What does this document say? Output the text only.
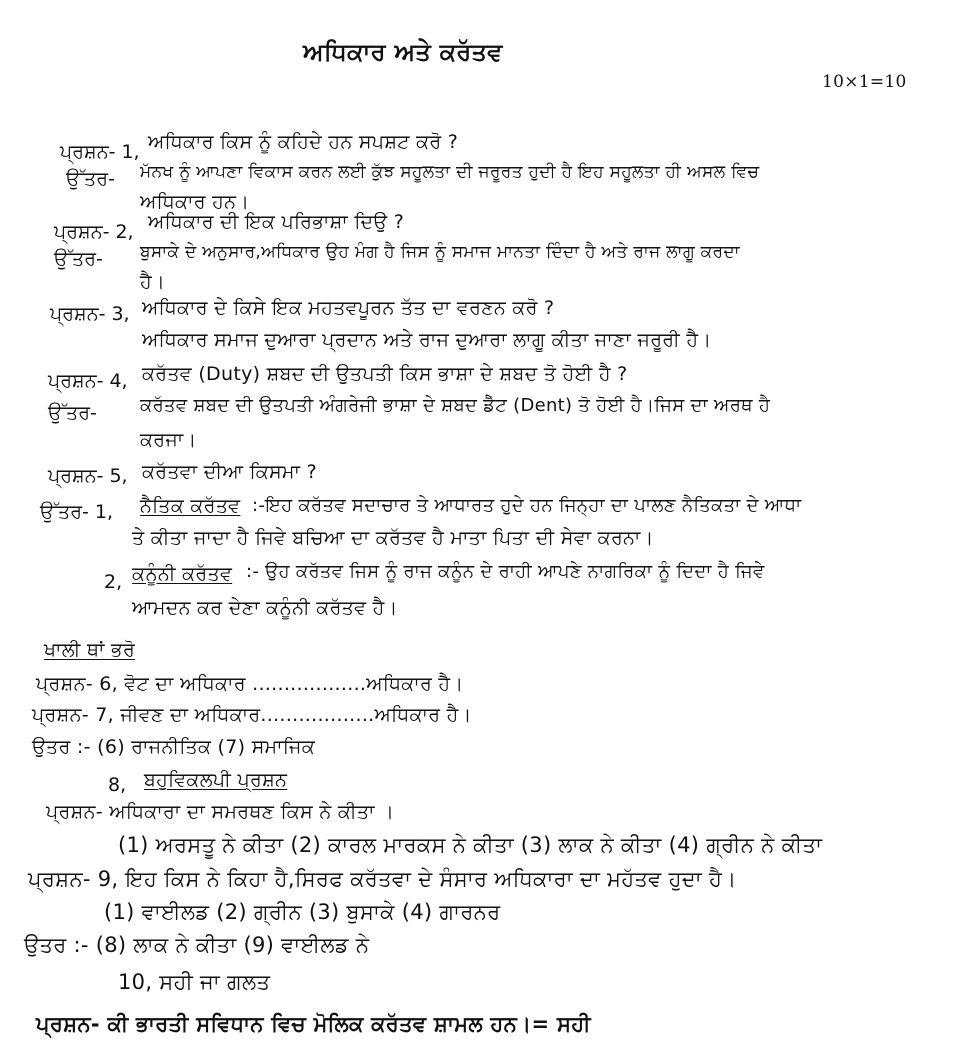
ਅਧਿਕਾਰ ਅਤੇ ਕਰੱਤਵ
10×1=10
ਪ੍ਰਸ਼ਨ- 1, ਅਧਿਕਾਰ ਕਿਸ ਨੂੰ ਕਹਿਦੇ ਹਨ ਸਪਸ਼ਟ ਕਰੋ ?
ਉੱਤਰ- ਮੱਨਖ ਨੂੰ ਆਪਣਾ ਵਿਕਾਸ ਕਰਨ ਲਈ ਕੁੱਝ ਸਹੂਲਤਾ ਦੀ ਜਰੂਰਤ ਹੁਦੀ ਹੈ ਇਹ ਸਹੂਲਤਾ ਹੀ ਅਸਲ ਵਿਚ
ਅਧਿਕਾਰ ਹਨ।
ਪ੍ਰਸ਼ਨ- 2, ਅਧਿਕਾਰ ਦੀ ਇਕ ਪਰਿਭਾਸ਼ਾ ਦਿਉ ?
ਉੱਤਰ- ਬੁਸਾਕੇ ਦੇ ਅਨੁਸਾਰ,ਅਧਿਕਾਰ ਉਹ ਮੰਗ ਹੈ ਜਿਸ ਨੂੰ ਸਮਾਜ ਮਾਨਤਾ ਦਿੰਦਾ ਹੈ ਅਤੇ ਰਾਜ ਲਾਗੂ ਕਰਦਾ
ਹੈ।
ਪ੍ਰਸ਼ਨ- 3, ਅਧਿਕਾਰ ਦੇ ਕਿਸੇ ਇਕ ਮਹਤਵਪੂਰਨ ਤੱਤ ਦਾ ਵਰਣਨ ਕਰੋ ?
ਅਧਿਕਾਰ ਸਮਾਜ ਦੁਆਰਾ ਪ੍ਰਦਾਨ ਅਤੇ ਰਾਜ ਦੁਆਰਾ ਲਾਗੂ ਕੀਤਾ ਜਾਣਾ ਜਰੂਰੀ ਹੈ।
ਪ੍ਰਸ਼ਨ- 4, ਕਰੱਤਵ (Duty) ਸ਼ਬਦ ਦੀ ਉਤਪਤੀ ਕਿਸ ਭਾਸ਼ਾ ਦੇ ਸ਼ਬਦ ਤੋ ਹੋਈ ਹੈ ?
ਉੱਤਰ- ਕਰੱਤਵ ਸ਼ਬਦ ਦੀ ਉਤਪਤੀ ਅੰਗਰੇਜੀ ਭਾਸ਼ਾ ਦੇ ਸ਼ਬਦ ਡੈੱਟ (Dent) ਤੋ ਹੋਈ ਹੈ।ਜਿਸ ਦਾ ਅਰਥ ਹੈ
ਕਰਜਾ।
ਪ੍ਰਸ਼ਨ- 5, ਕਰੱਤਵਾ ਦੀਆ ਕਿਸਮਾ ?
ਉੱਤਰ- 1, ਨੈਤਿਕ ਕਰੱਤਵ :-ਇਹ ਕਰੱਤਵ ਸਦਾਚਾਰ ਤੇ ਆਧਾਰਤ ਹੁਦੇ ਹਨ ਜਿਨ੍ਹਾ ਦਾ ਪਾਲਣ ਨੈਤਿਕਤਾ ਦੇ ਆਧਾ
ਤੇ ਕੀਤਾ ਜਾਦਾ ਹੈ ਜਿਵੇ ਬਚਿਆ ਦਾ ਕਰੱਤਵ ਹੈ ਮਾਤਾ ਪਿਤਾ ਦੀ ਸੇਵਾ ਕਰਨਾ।
2, ਕਨੂੰਨੀ ਕਰੱਤਵ :- ਉਹ ਕਰੱਤਵ ਜਿਸ ਨੂੰ ਰਾਜ ਕਨੂੰਨ ਦੇ ਰਾਹੀ ਆਪਣੇ ਨਾਗਰਿਕਾ ਨੂੰ ਦਿਦਾ ਹੈ ਜਿਵੇ
ਆਮਦਨ ਕਰ ਦੇਣਾ ਕਨੂੰਨੀ ਕਰੱਤਵ ਹੈ।
ਖਾਲੀ ਥਾਂ ਭਰੋ
ਪ੍ਰਸ਼ਨ- 6, ਵੋਟ ਦਾ ਅਧਿਕਾਰ ..................ਅਧਿਕਾਰ ਹੈ।
ਪ੍ਰਸ਼ਨ- 7, ਜੀਵਣ ਦਾ ਅਧਿਕਾਰ..................ਅਧਿਕਾਰ ਹੈ।
ਉਤਰ :- (6) ਰਾਜਨੀਤਿਕ (7) ਸਮਾਜਿਕ
8, ਬਹੁਵਿਕਲਪੀ ਪ੍ਰਸ਼ਨ
ਪ੍ਰਸ਼ਨ- ਅਧਿਕਾਰਾ ਦਾ ਸਮਰਥਣ ਕਿਸ ਨੇ ਕੀਤਾ ।
(1) ਅਰਸਤੂ ਨੇ ਕੀਤਾ (2) ਕਾਰਲ ਮਾਰਕਸ ਨੇ ਕੀਤਾ (3) ਲਾਕ ਨੇ ਕੀਤਾ (4) ਗ੍ਰੀਨ ਨੇ ਕੀਤਾ
ਪ੍ਰਸ਼ਨ- 9, ਇਹ ਕਿਸ ਨੇ ਕਿਹਾ ਹੈ,ਸਿਰਫ ਕਰੱਤਵਾ ਦੇ ਸੰਸਾਰ ਅਧਿਕਾਰਾ ਦਾ ਮਹੱਤਵ ਹੁਦਾ ਹੈ।
(1) ਵਾਈਲਡ (2) ਗ੍ਰੀਨ (3) ਬੁਸਾਕੇ (4) ਗਾਰਨਰ
ਉਤਰ :- (8) ਲਾਕ ਨੇ ਕੀਤਾ (9) ਵਾਈਲਡ ਨੇ
10, ਸਹੀ ਜਾ ਗਲਤ
ਪ੍ਰਸ਼ਨ- ਕੀ ਭਾਰਤੀ ਸਵਿਧਾਨ ਵਿਚ ਮੋਲਿਕ ਕਰੱਤਵ ਸ਼ਾਮਲ ਹਨ।= ਸਹੀ
